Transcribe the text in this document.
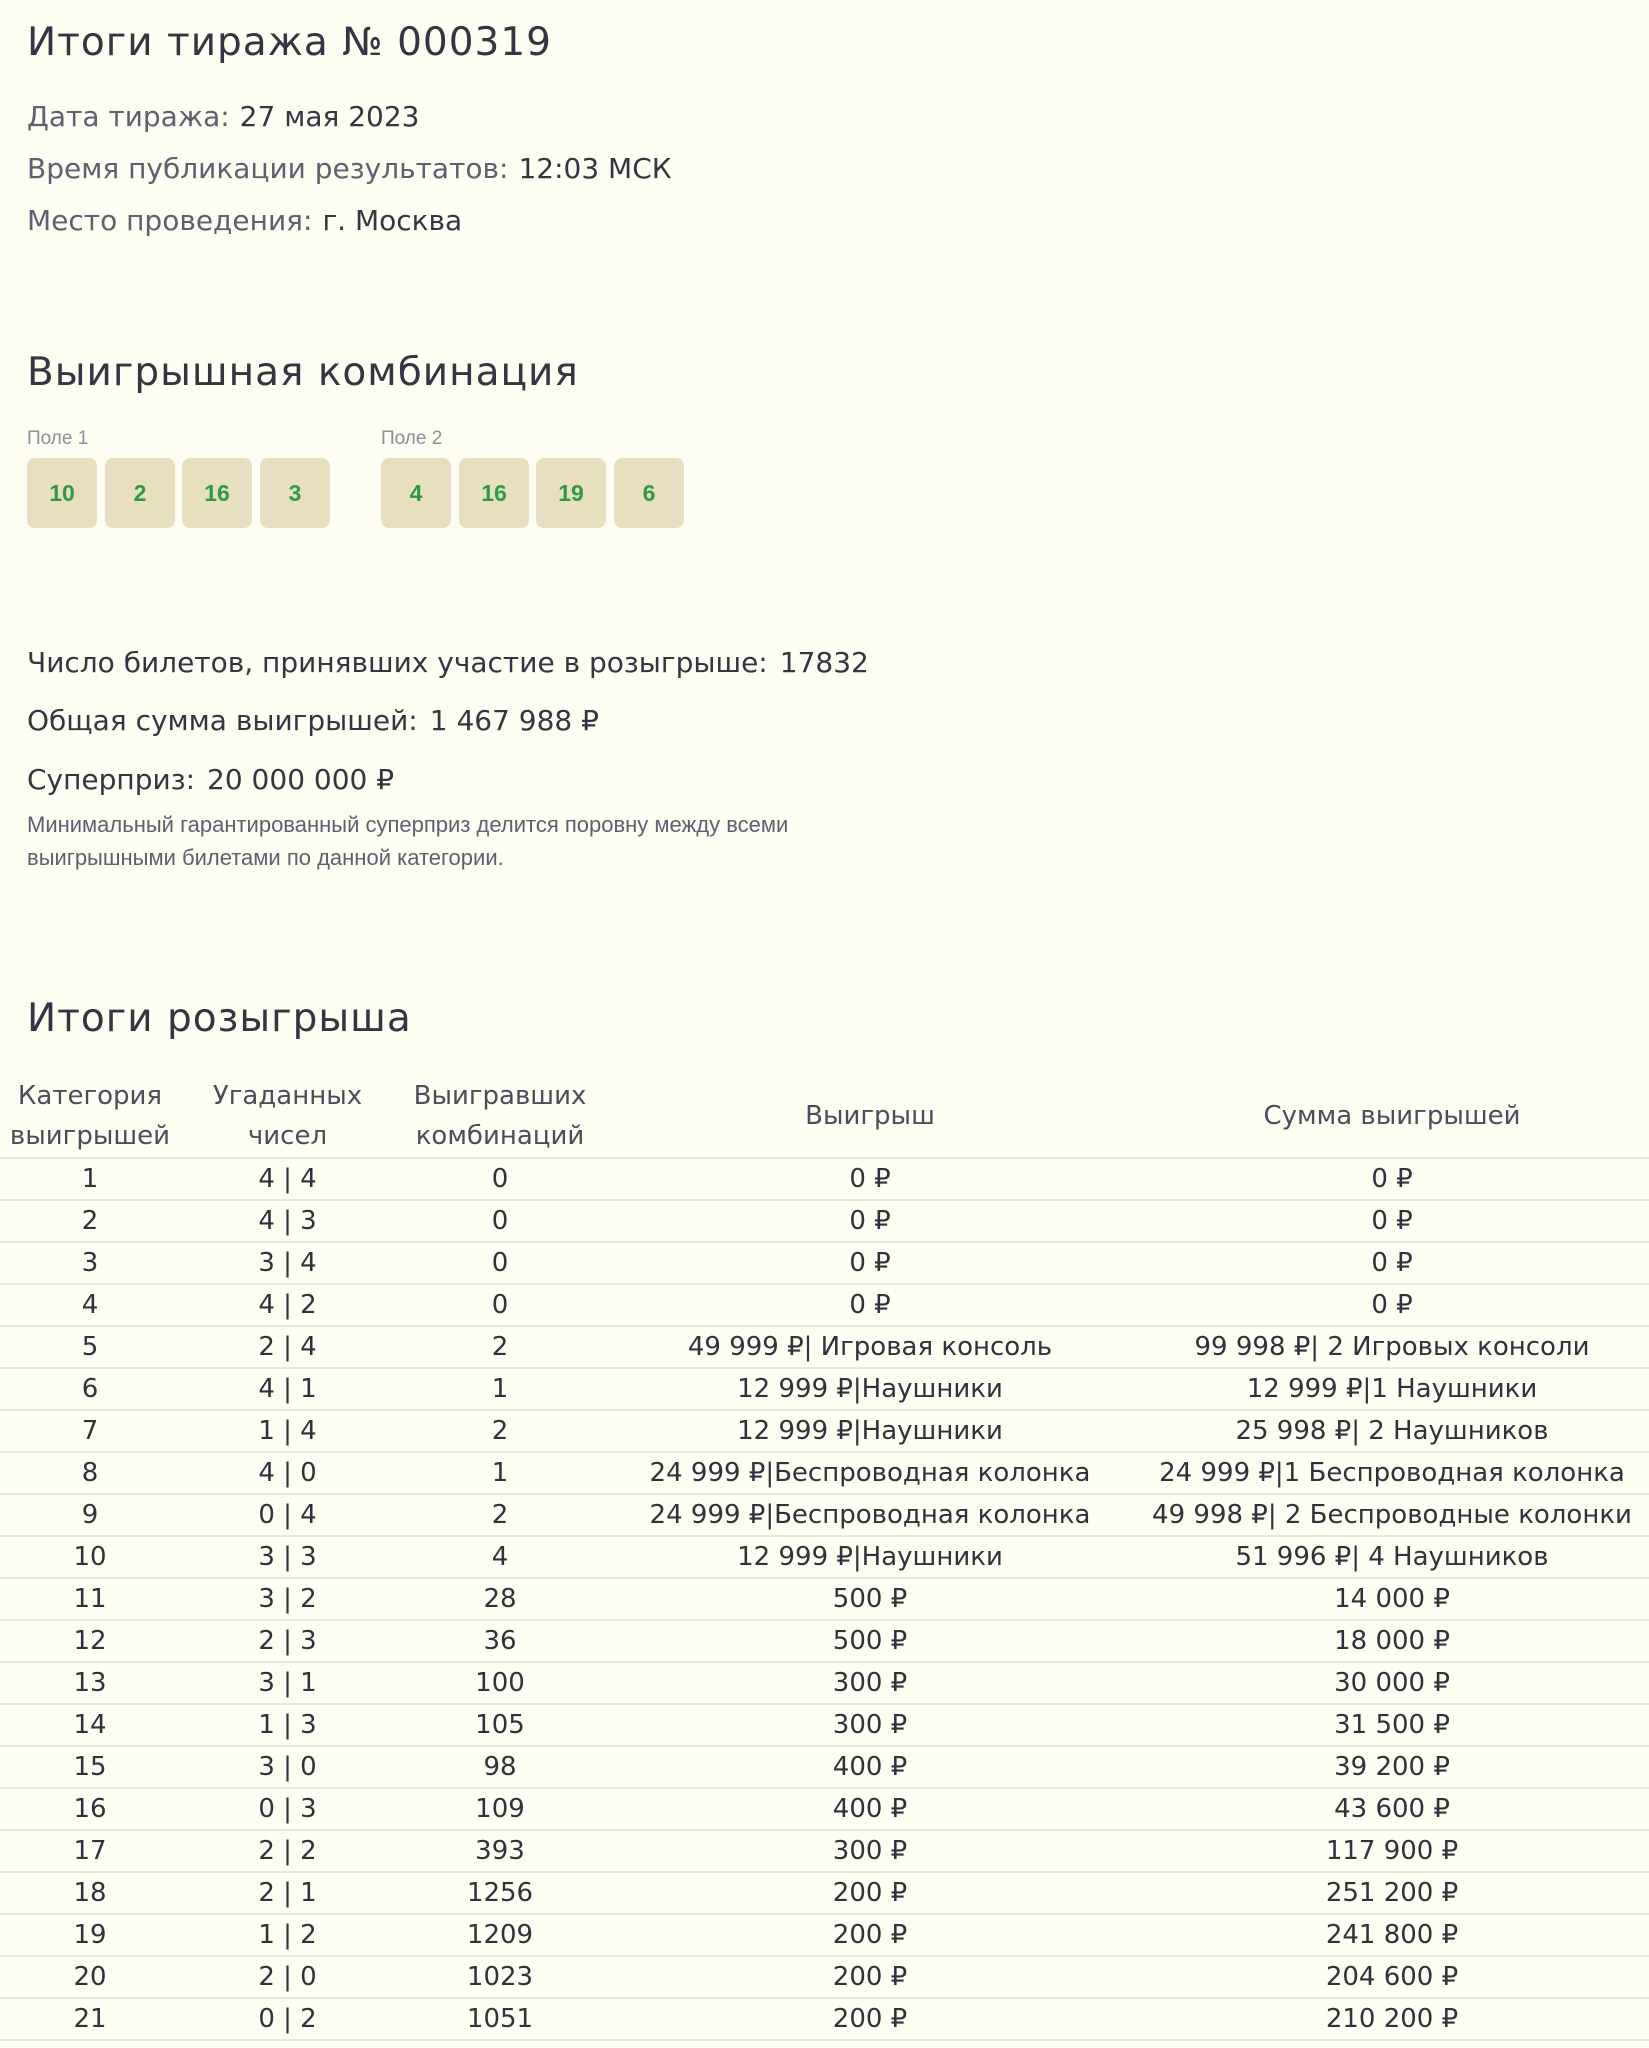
Итоги тиража № 000319
Дата тиража: 27 мая 2023
Время публикации результатов: 12:03 МСК
Место проведения: г. Москва
Выигрышная комбинация
Поле 1
10	2	16	3
Поле 2
4	16	19	6
Число билетов, принявших участие в розыгрыше: 17832
Общая сумма выигрышей: 1 467 988 ₽
Суперприз: 20 000 000 ₽
Минимальный гарантированный суперприз делится поровну между всеми выигрышными билетами по данной категории.
Итоги розыгрыша
Категория выигрышей	Угаданных чисел	Выигравших комбинаций	Выигрыш	Сумма выигрышей
1	4 | 4	0	0 ₽	0 ₽
2	4 | 3	0	0 ₽	0 ₽
3	3 | 4	0	0 ₽	0 ₽
4	4 | 2	0	0 ₽	0 ₽
5	2 | 4	2	49 999 ₽| Игровая консоль	99 998 ₽| 2 Игровых консоли
6	4 | 1	1	12 999 ₽|Наушники	12 999 ₽|1 Наушники
7	1 | 4	2	12 999 ₽|Наушники	25 998 ₽| 2 Наушников
8	4 | 0	1	24 999 ₽|Беспроводная колонка	24 999 ₽|1 Беспроводная колонка
9	0 | 4	2	24 999 ₽|Беспроводная колонка	49 998 ₽| 2 Беспроводные колонки
10	3 | 3	4	12 999 ₽|Наушники	51 996 ₽| 4 Наушников
11	3 | 2	28	500 ₽	14 000 ₽
12	2 | 3	36	500 ₽	18 000 ₽
13	3 | 1	100	300 ₽	30 000 ₽
14	1 | 3	105	300 ₽	31 500 ₽
15	3 | 0	98	400 ₽	39 200 ₽
16	0 | 3	109	400 ₽	43 600 ₽
17	2 | 2	393	300 ₽	117 900 ₽
18	2 | 1	1256	200 ₽	251 200 ₽
19	1 | 2	1209	200 ₽	241 800 ₽
20	2 | 0	1023	200 ₽	204 600 ₽
21	0 | 2	1051	200 ₽	210 200 ₽
